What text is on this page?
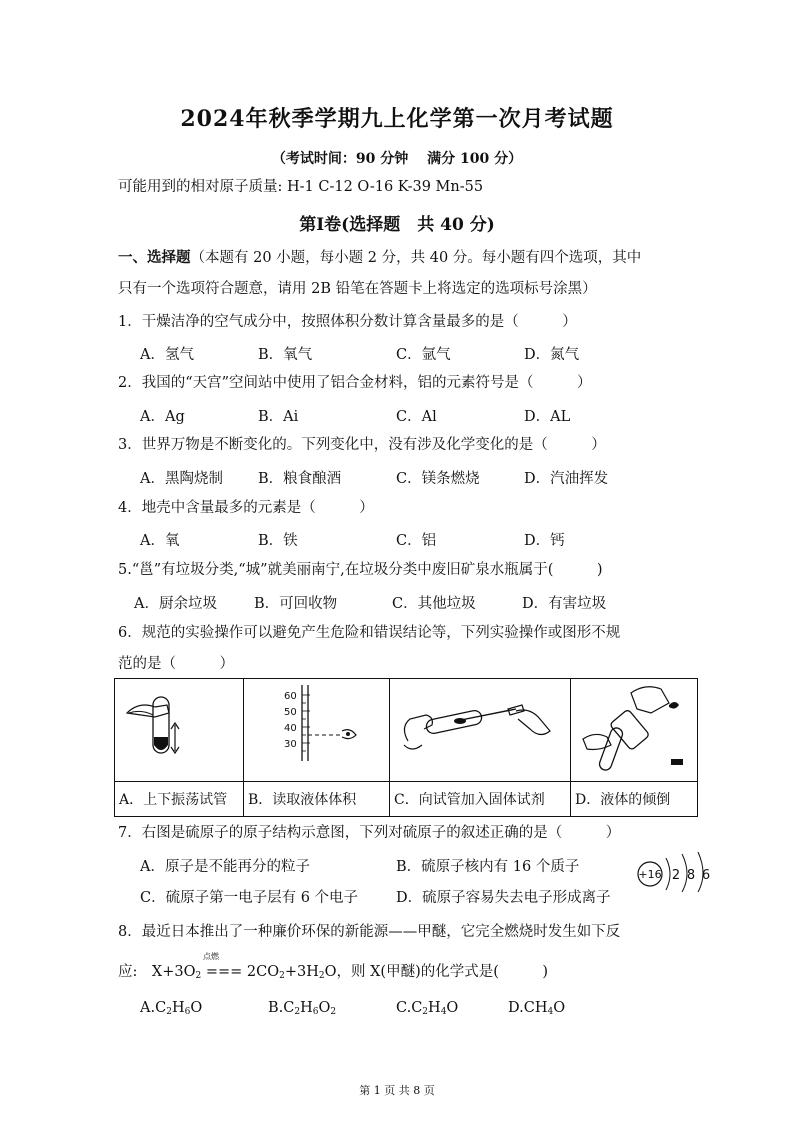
2024年秋季学期九上化学第一次月考试题
（考试时间：90 分钟　 满分 100 分）
可能用到的相对原子质量: H-1 C-12 O-16 K-39 Mn-55
第Ⅰ卷(选择题　共 40 分)
一、选择题（本题有 20 小题，每小题 2 分，共 40 分。每小题有四个选项，其中
只有一个选项符合题意，请用 2B 铅笔在答题卡上将选定的选项标号涂黑）
1．干燥洁净的空气成分中，按照体积分数计算含量最多的是（　　　）
A．氢气	B．氧气	C．氩气	D．氮气
2．我国的“天宫”空间站中使用了铝合金材料，铝的元素符号是（　　　）
A．Ag	B．Ai	C．Al	D．AL
3．世界万物是不断变化的。下列变化中，没有涉及化学变化的是（　　　）
A．黑陶烧制 B．粮食酿酒	C．镁条燃烧	D．汽油挥发
4．地壳中含量最多的元素是（　　　）
A．氧	B．铁	C．铝	D．钙
5.“邕”有垃圾分类,“城”就美丽南宁,在垃圾分类中废旧矿泉水瓶属于(　　　)
A．厨余垃圾	B．可回收物	C．其他垃圾	D．有害垃圾
6．规范的实验操作可以避免产生危险和错误结论等，下列实验操作或图形不规
范的是（　　　）

60
50
40
30

A．上下振荡试管	B．读取液体体积	C．向试管加入固体试剂	D．液体的倾倒
7．右图是硫原子的原子结构示意图，下列对硫原子的叙述正确的是（　　　）
A．原子是不能再分的粒子	B．硫原子核内有 16 个质子
C．硫原子第一电子层有 6 个电子	D．硫原子容易失去电子形成离子
+16 2 8 6
8．最近日本推出了一种廉价环保的新能源——甲醚，它完全燃烧时发生如下反
点燃
应:　X+3O2 === 2CO2+3H2O，则 X(甲醚)的化学式是(　　　)
A.C2H6O	B.C2H6O2	C.C2H4O	D.CH4O
第 1 页 共 8 页
